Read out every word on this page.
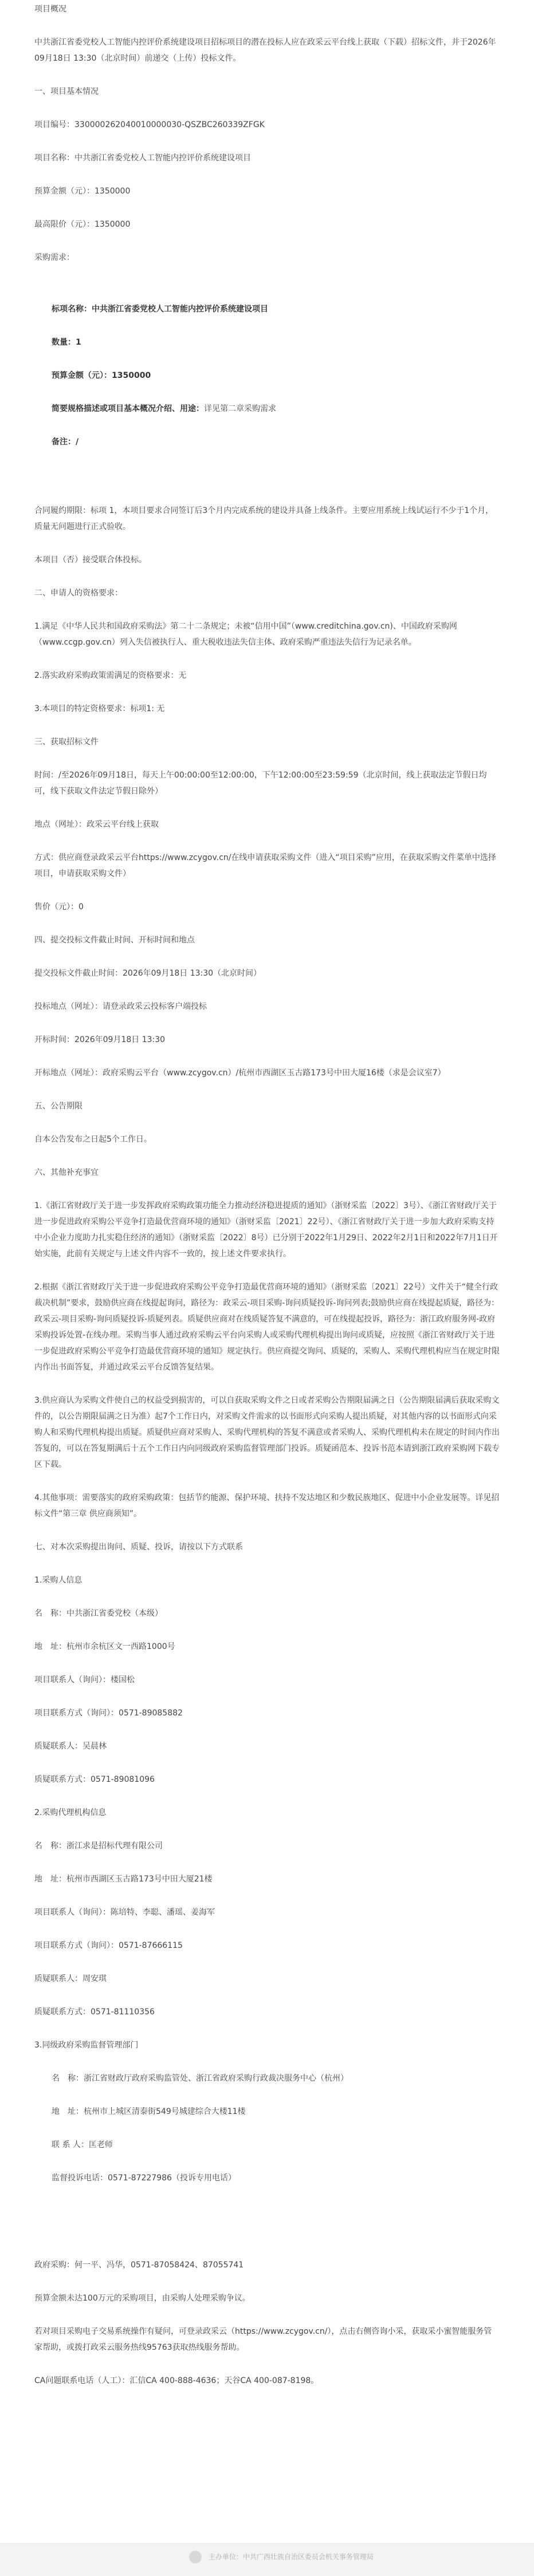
项目概况

中共浙江省委党校人工智能内控评价系统建设项目招标项目的潜在投标人应在政采云平台线上获取（下载）招标文件，并于2026年09月18日 13:30（北京时间）前递交（上传）投标文件。

一、项目基本情况

项目编号：330000262040010000030-QSZBC260339ZFGK

项目名称：中共浙江省委党校人工智能内控评价系统建设项目

预算金额（元）：1350000

最高限价（元）：1350000

采购需求：

标项名称：中共浙江省委党校人工智能内控评价系统建设项目

数量：1

预算金额（元）：1350000

简要规格描述或项目基本概况介绍、用途：详见第二章采购需求

备注：/

合同履约期限：标项 1，本项目要求合同签订后3个月内完成系统的建设并具备上线条件。主要应用系统上线试运行不少于1个月，质量无问题进行正式验收。

本项目（否）接受联合体投标。

二、申请人的资格要求：

1.满足《中华人民共和国政府采购法》第二十二条规定；未被“信用中国”（www.creditchina.gov.cn)、中国政府采购网（www.ccgp.gov.cn）列入失信被执行人、重大税收违法失信主体、政府采购严重违法失信行为记录名单。

2.落实政府采购政策需满足的资格要求：无

3.本项目的特定资格要求：标项1: 无

三、获取招标文件

时间：/至2026年09月18日，每天上午00:00:00至12:00:00，下午12:00:00至23:59:59（北京时间，线上获取法定节假日均可，线下获取文件法定节假日除外）

地点（网址）：政采云平台线上获取

方式：供应商登录政采云平台https://www.zcygov.cn/在线申请获取采购文件（进入“项目采购”应用，在获取采购文件菜单中选择项目，申请获取采购文件）

售价（元）：0

四、提交投标文件截止时间、开标时间和地点

提交投标文件截止时间：2026年09月18日 13:30（北京时间）

投标地点（网址）：请登录政采云投标客户端投标

开标时间：2026年09月18日 13:30

开标地点（网址）：政府采购云平台（www.zcygov.cn）/杭州市西湖区玉古路173号中田大厦16楼（求是会议室7）

五、公告期限

自本公告发布之日起5个工作日。

六、其他补充事宜

1.《浙江省财政厅关于进一步发挥政府采购政策功能全力推动经济稳进提质的通知》（浙财采监〔2022〕3号）、《浙江省财政厅关于进一步促进政府采购公平竞争打造最优营商环境的通知》（浙财采监〔2021〕22号）、《浙江省财政厅关于进一步加大政府采购支持中小企业力度助力扎实稳住经济的通知》（浙财采监〔2022〕8号）已分别于2022年1月29日、2022年2月1日和2022年7月1日开始实施，此前有关规定与上述文件内容不一致的，按上述文件要求执行。

2.根据《浙江省财政厅关于进一步促进政府采购公平竞争打造最优营商环境的通知》（浙财采监〔2021〕22号）文件关于“健全行政裁决机制”要求，鼓励供应商在线提起询问，路径为：政采云-项目采购-询问质疑投诉-询问列表;鼓励供应商在线提起质疑，路径为：政采云-项目采购-询问质疑投诉-质疑列表。质疑供应商对在线质疑答复不满意的，可在线提起投诉，路径为：浙江政府服务网-政府采购投诉处置-在线办理。采购当事人通过政府采购云平台向采购人或采购代理机构提出询问或质疑，应按照《浙江省财政厅关于进一步促进政府采购公平竞争打造最优营商环境的通知》规定执行。供应商提交询问、质疑的，采购人、采购代理机构应当在规定时限内作出书面答复，并通过政采云平台反馈答复结果。

3.供应商认为采购文件使自己的权益受到损害的，可以自获取采购文件之日或者采购公告期限届满之日（公告期限届满后获取采购文件的，以公告期限届满之日为准）起7个工作日内，对采购文件需求的以书面形式向采购人提出质疑，对其他内容的以书面形式向采购人和采购代理机构提出质疑。质疑供应商对采购人、采购代理机构的答复不满意或者采购人、采购代理机构未在规定的时间内作出答复的，可以在答复期满后十五个工作日内向同级政府采购监督管理部门投诉。质疑函范本、投诉书范本请到浙江政府采购网下载专区下载。

4.其他事项：需要落实的政府采购政策：包括节约能源、保护环境、扶持不发达地区和少数民族地区、促进中小企业发展等。详见招标文件“第三章 供应商须知”。

七、对本次采购提出询问、质疑、投诉，请按以下方式联系

1.采购人信息

名　称：中共浙江省委党校（本级）

地　址：杭州市余杭区文一西路1000号

项目联系人（询问）：楼国松

项目联系方式（询问）：0571-89085882

质疑联系人：吴晨林

质疑联系方式：0571-89081096

2.采购代理机构信息

名　称：浙江求是招标代理有限公司

地　址：杭州市西湖区玉古路173号中田大厦21楼

项目联系人（询问）：陈培特、李聪、潘瑶、姜海军

项目联系方式（询问）：0571-87666115

质疑联系人：周安琪

质疑联系方式：0571-81110356

3.同级政府采购监督管理部门

名　称：浙江省财政厅政府采购监管处、浙江省政府采购行政裁决服务中心（杭州）

地　址：杭州市上城区清泰街549号城建综合大楼11楼

联 系 人：匡老师

监督投诉电话：0571-87227986（投诉专用电话）

政府采购：何一平、冯华，0571-87058424、87055741

预算金额未达100万元的采购项目，由采购人处理采购争议。

若对项目采购电子交易系统操作有疑问，可登录政采云（https://www.zcygov.cn/），点击右侧咨询小采，获取采小蜜智能服务管家帮助，或拨打政采云服务热线95763获取热线服务帮助。

CA问题联系电话（人工）：汇信CA 400-888-4636；天谷CA 400-087-8198。

主办单位：中共广西壮族自治区委员会机关事务管理局
